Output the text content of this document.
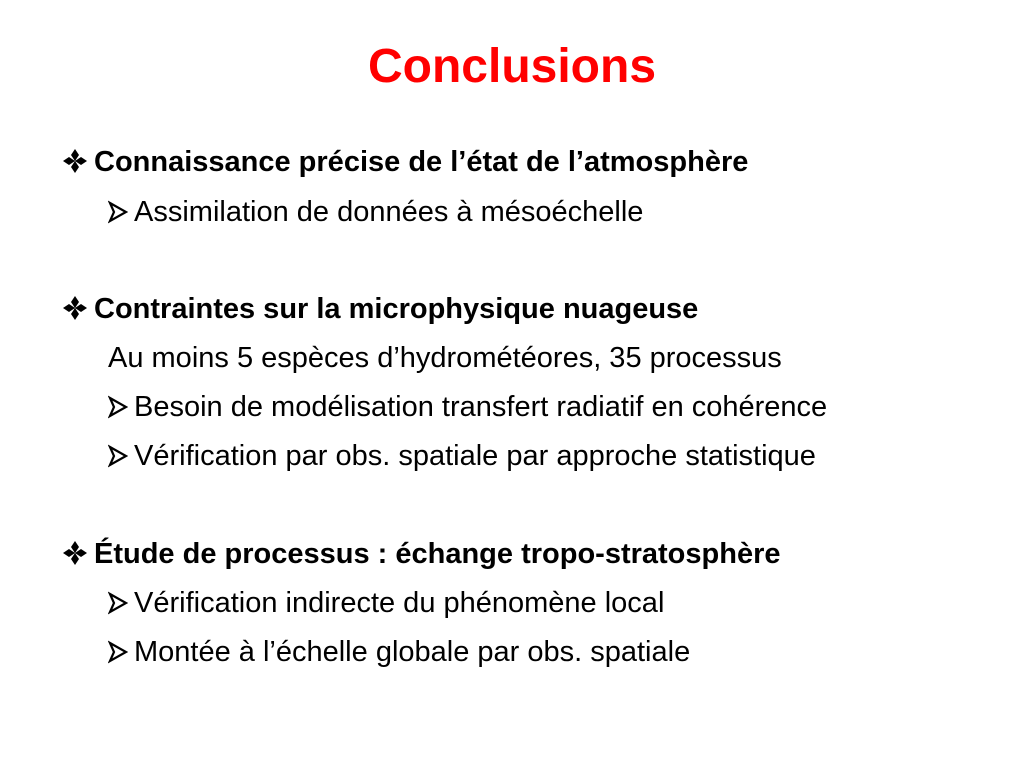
Conclusions
Connaissance précise de l’état de l’atmosphère
Assimilation de données à mésoéchelle
Contraintes sur la microphysique nuageuse
Au moins 5 espèces d’hydrométéores, 35 processus
Besoin de modélisation transfert radiatif en cohérence
Vérification par obs. spatiale par approche statistique
Étude de processus : échange tropo-stratosphère
Vérification indirecte du phénomène local
Montée à l’échelle globale par obs. spatiale
